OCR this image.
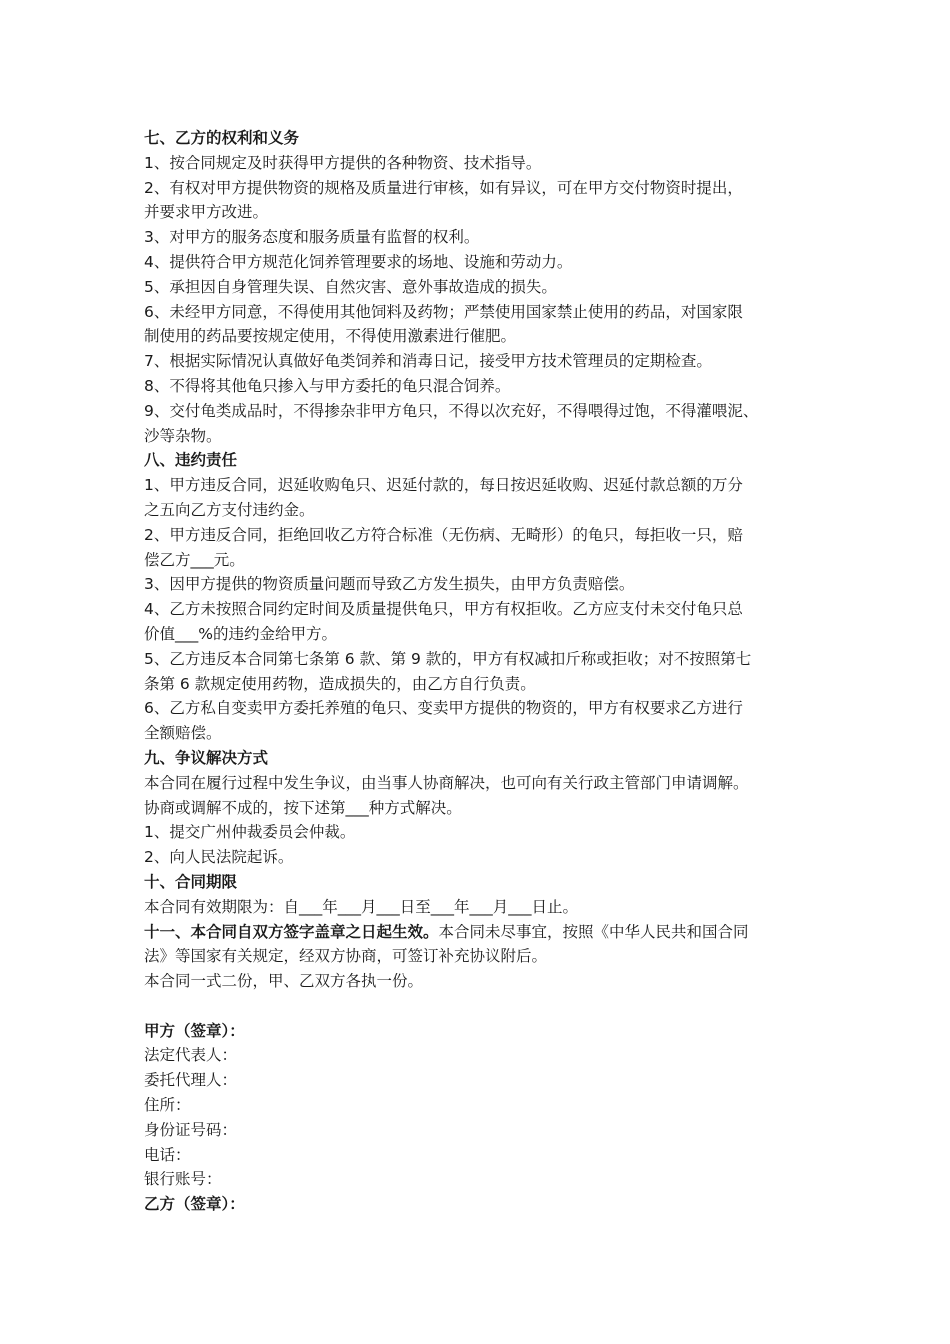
七、乙方的权利和义务
1、按合同规定及时获得甲方提供的各种物资、技术指导。
2、有权对甲方提供物资的规格及质量进行审核，如有异议，可在甲方交付物资时提出，
并要求甲方改进。
3、对甲方的服务态度和服务质量有监督的权利。
4、提供符合甲方规范化饲养管理要求的场地、设施和劳动力。
5、承担因自身管理失误、自然灾害、意外事故造成的损失。
6、未经甲方同意，不得使用其他饲料及药物；严禁使用国家禁止使用的药品，对国家限
制使用的药品要按规定使用，不得使用激素进行催肥。
7、根据实际情况认真做好龟类饲养和消毒日记，接受甲方技术管理员的定期检查。
8、不得将其他龟只掺入与甲方委托的龟只混合饲养。
9、交付龟类成品时，不得掺杂非甲方龟只，不得以次充好，不得喂得过饱，不得灌喂泥、
沙等杂物。
八、违约责任
1、甲方违反合同，迟延收购龟只、迟延付款的，每日按迟延收购、迟延付款总额的万分
之五向乙方支付违约金。
2、甲方违反合同，拒绝回收乙方符合标准（无伤病、无畸形）的龟只，每拒收一只，赔
偿乙方___元。
3、因甲方提供的物资质量问题而导致乙方发生损失，由甲方负责赔偿。
4、乙方未按照合同约定时间及质量提供龟只，甲方有权拒收。乙方应支付未交付龟只总
价值___%的违约金给甲方。
5、乙方违反本合同第七条第 6 款、第 9 款的，甲方有权减扣斤称或拒收；对不按照第七
条第 6 款规定使用药物，造成损失的，由乙方自行负责。
6、乙方私自变卖甲方委托养殖的龟只、变卖甲方提供的物资的，甲方有权要求乙方进行
全额赔偿。
九、争议解决方式
本合同在履行过程中发生争议，由当事人协商解决，也可向有关行政主管部门申请调解。
协商或调解不成的，按下述第___种方式解决。
1、提交广州仲裁委员会仲裁。
2、向人民法院起诉。
十、合同期限
本合同有效期限为：自___年___月___日至___年___月___日止。
十一、本合同自双方签字盖章之日起生效。本合同未尽事宜，按照《中华人民共和国合同
法》等国家有关规定，经双方协商，可签订补充协议附后。
本合同一式二份，甲、乙双方各执一份。
甲方（签章）：
法定代表人：
委托代理人：
住所：
身份证号码：
电话：
银行账号：
乙方（签章）：
